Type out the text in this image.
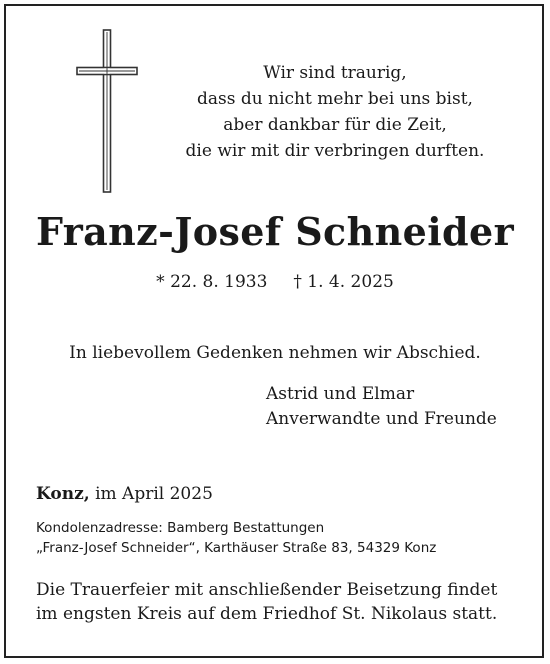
Wir sind traurig,
dass du nicht mehr bei uns bist,
aber dankbar für die Zeit,
die wir mit dir verbringen durften.
Franz-Josef Schneider
* 22. 8. 1933 † 1. 4. 2025
In liebevollem Gedenken nehmen wir Abschied.
Astrid und Elmar
Anverwandte und Freunde
Konz, im April 2025
Kondolenzadresse: Bamberg Bestattungen
„Franz-Josef Schneider“, Karthäuser Straße 83, 54329 Konz
Die Trauerfeier mit anschließender Beisetzung findet
im engsten Kreis auf dem Friedhof St. Nikolaus statt.
